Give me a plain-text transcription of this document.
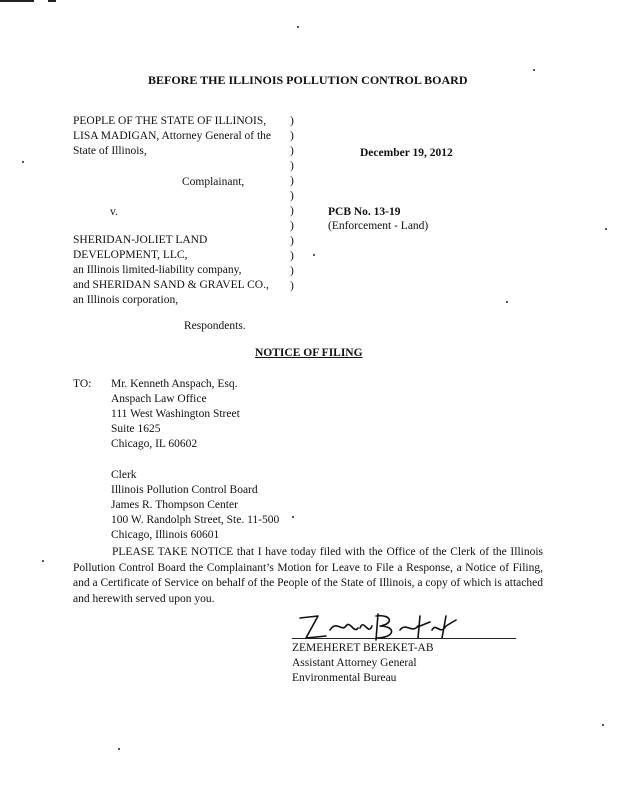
BEFORE THE ILLINOIS POLLUTION CONTROL BOARD
PEOPLE OF THE STATE OF ILLINOIS,
LISA MADIGAN, Attorney General of the
State of Illinois,
Complainant,
v.
SHERIDAN-JOLIET LAND
DEVELOPMENT, LLC,
an Illinois limited-liability company,
and SHERIDAN SAND & GRAVEL CO.,
an Illinois corporation,
Respondents.
)
)
)
)
)
)
)
)
)
)
)
)
December 19, 2012
PCB No. 13-19
(Enforcement - Land)
NOTICE OF FILING
TO: Mr. Kenneth Anspach, Esq.
Anspach Law Office
111 West Washington Street
Suite 1625
Chicago, IL 60602
Clerk
Illinois Pollution Control Board
James R. Thompson Center
100 W. Randolph Street, Ste. 11-500
Chicago, Illinois 60601
PLEASE TAKE NOTICE that I have today filed with the Office of the Clerk of the Illinois Pollution Control Board the Complainant’s Motion for Leave to File a Response, a Notice of Filing, and a Certificate of Service on behalf of the People of the State of Illinois, a copy of which is attached and herewith served upon you.
ZEMEHERET BEREKET-AB
Assistant Attorney General
Environmental Bureau
